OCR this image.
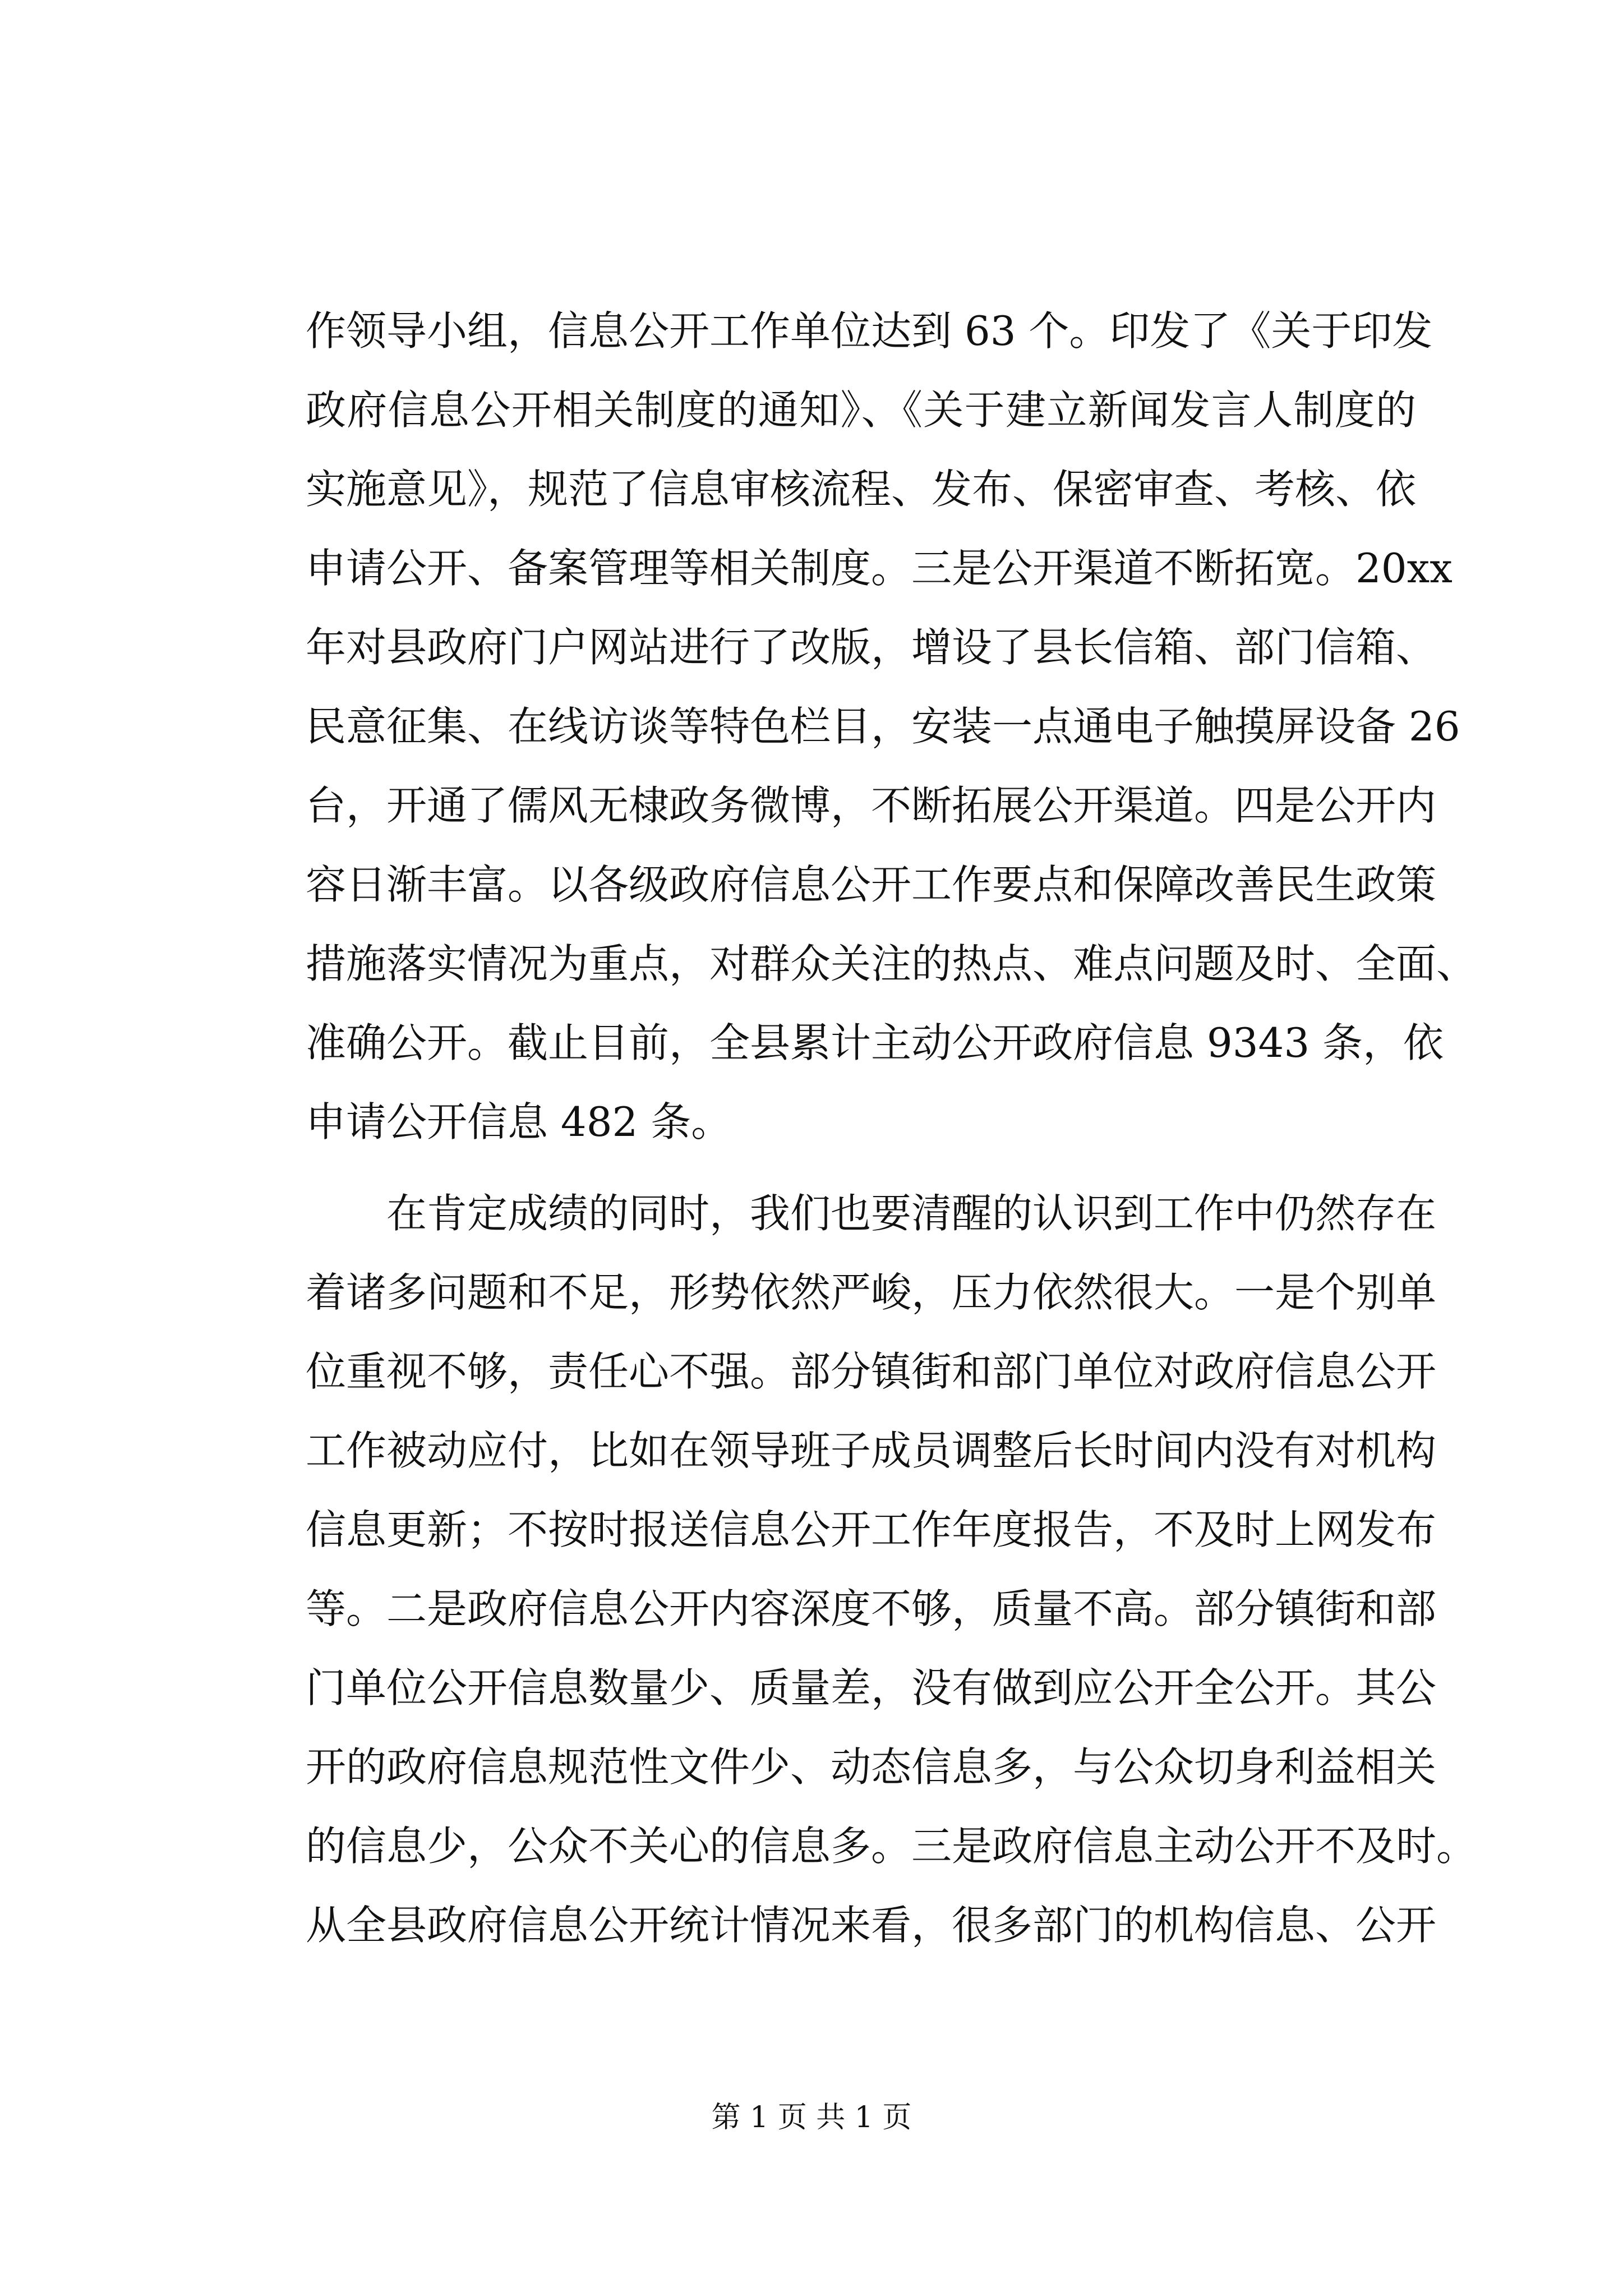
作领导小组，信息公开工作单位达到 63 个。印发了《关于印发
政府信息公开相关制度的通知》、《关于建立新闻发言人制度的
实施意见》，规范了信息审核流程、发布、保密审查、考核、依
申请公开、备案管理等相关制度。三是公开渠道不断拓宽。20xx
年对县政府门户网站进行了改版，增设了县长信箱、部门信箱、
民意征集、在线访谈等特色栏目，安装一点通电子触摸屏设备 26
台，开通了儒风无棣政务微博，不断拓展公开渠道。四是公开内
容日渐丰富。以各级政府信息公开工作要点和保障改善民生政策
措施落实情况为重点，对群众关注的热点、难点问题及时、全面、
准确公开。截止目前，全县累计主动公开政府信息 9343 条，依
申请公开信息 482 条。
　　在肯定成绩的同时，我们也要清醒的认识到工作中仍然存在
着诸多问题和不足，形势依然严峻，压力依然很大。一是个别单
位重视不够，责任心不强。部分镇街和部门单位对政府信息公开
工作被动应付，比如在领导班子成员调整后长时间内没有对机构
信息更新；不按时报送信息公开工作年度报告，不及时上网发布
等。二是政府信息公开内容深度不够，质量不高。部分镇街和部
门单位公开信息数量少、质量差，没有做到应公开全公开。其公
开的政府信息规范性文件少、动态信息多，与公众切身利益相关
的信息少，公众不关心的信息多。三是政府信息主动公开不及时。
从全县政府信息公开统计情况来看，很多部门的机构信息、公开
第 1 页 共 1 页
